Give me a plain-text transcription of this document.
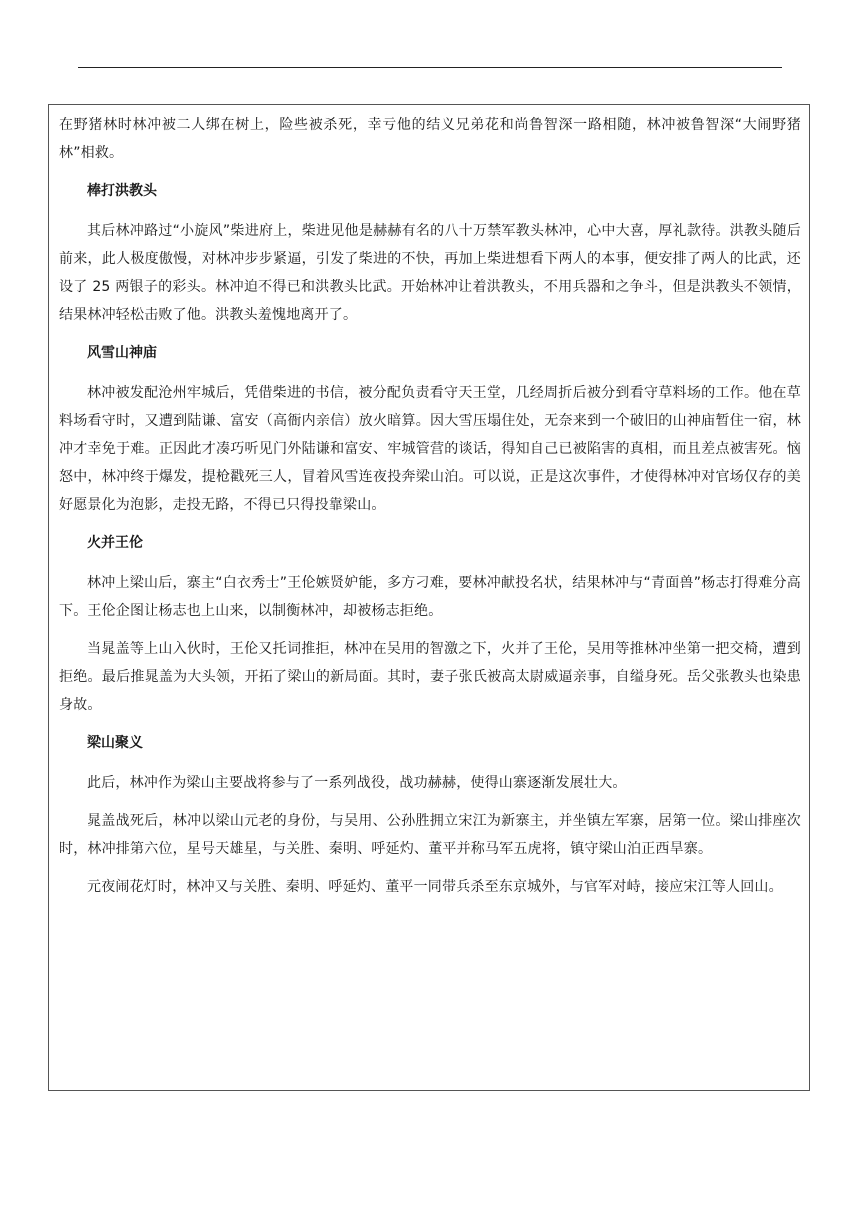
在野猪林时林冲被二人绑在树上，险些被杀死，幸亏他的结义兄弟花和尚鲁智深一路相随，林冲被鲁智深“大闹野猪林”相救。

棒打洪教头

其后林冲路过“小旋风”柴进府上，柴进见他是赫赫有名的八十万禁军教头林冲，心中大喜，厚礼款待。洪教头随后前来，此人极度傲慢，对林冲步步紧逼，引发了柴进的不快，再加上柴进想看下两人的本事，便安排了两人的比武，还设了 25 两银子的彩头。林冲迫不得已和洪教头比武。开始林冲让着洪教头，不用兵器和之争斗，但是洪教头不领情，结果林冲轻松击败了他。洪教头羞愧地离开了。

风雪山神庙

林冲被发配沧州牢城后，凭借柴进的书信，被分配负责看守天王堂，几经周折后被分到看守草料场的工作。他在草料场看守时，又遭到陆谦、富安（高衙内亲信）放火暗算。因大雪压塌住处，无奈来到一个破旧的山神庙暂住一宿，林冲才幸免于难。正因此才凑巧听见门外陆谦和富安、牢城管营的谈话，得知自己已被陷害的真相，而且差点被害死。恼怒中，林冲终于爆发，提枪戳死三人，冒着风雪连夜投奔梁山泊。可以说，正是这次事件，才使得林冲对官场仅存的美好愿景化为泡影，走投无路，不得已只得投靠梁山。

火并王伦

林冲上梁山后，寨主“白衣秀士”王伦嫉贤妒能，多方刁难，要林冲献投名状，结果林冲与“青面兽”杨志打得难分高下。王伦企图让杨志也上山来，以制衡林冲，却被杨志拒绝。

当晁盖等上山入伙时，王伦又托词推拒，林冲在吴用的智激之下，火并了王伦，吴用等推林冲坐第一把交椅，遭到拒绝。最后推晁盖为大头领，开拓了梁山的新局面。其时，妻子张氏被高太尉威逼亲事，自缢身死。岳父张教头也染患身故。

梁山聚义

此后，林冲作为梁山主要战将参与了一系列战役，战功赫赫，使得山寨逐渐发展壮大。

晁盖战死后，林冲以梁山元老的身份，与吴用、公孙胜拥立宋江为新寨主，并坐镇左军寨，居第一位。梁山排座次时，林冲排第六位，星号天雄星，与关胜、秦明、呼延灼、董平并称马军五虎将，镇守梁山泊正西旱寨。

元夜闹花灯时，林冲又与关胜、秦明、呼延灼、董平一同带兵杀至东京城外，与官军对峙，接应宋江等人回山。
